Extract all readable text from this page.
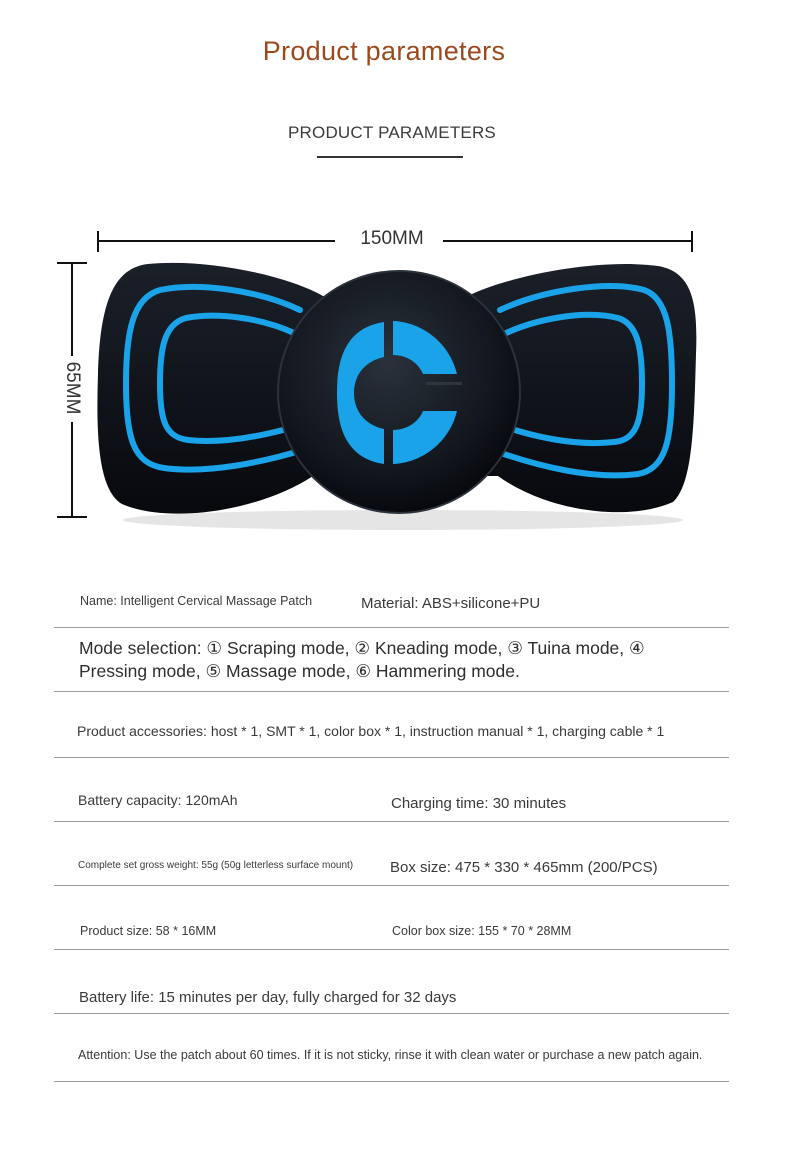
Product parameters
PRODUCT PARAMETERS
150MM
65MM
Name: Intelligent Cervical Massage Patch	Material: ABS+silicone+PU
Mode selection: ① Scraping mode, ② Kneading mode, ③ Tuina mode, ④
Pressing mode, ⑤ Massage mode, ⑥ Hammering mode.
Product accessories: host * 1, SMT * 1, color box * 1, instruction manual * 1, charging cable * 1
Battery capacity: 120mAh	Charging time: 30 minutes
Complete set gross weight: 55g (50g letterless surface mount) Box size: 475 * 330 * 465mm (200/PCS)
Product size: 58 * 16MM	Color box size: 155 * 70 * 28MM
Battery life: 15 minutes per day, fully charged for 32 days
Attention: Use the patch about 60 times. If it is not sticky, rinse it with clean water or purchase a new patch again.
